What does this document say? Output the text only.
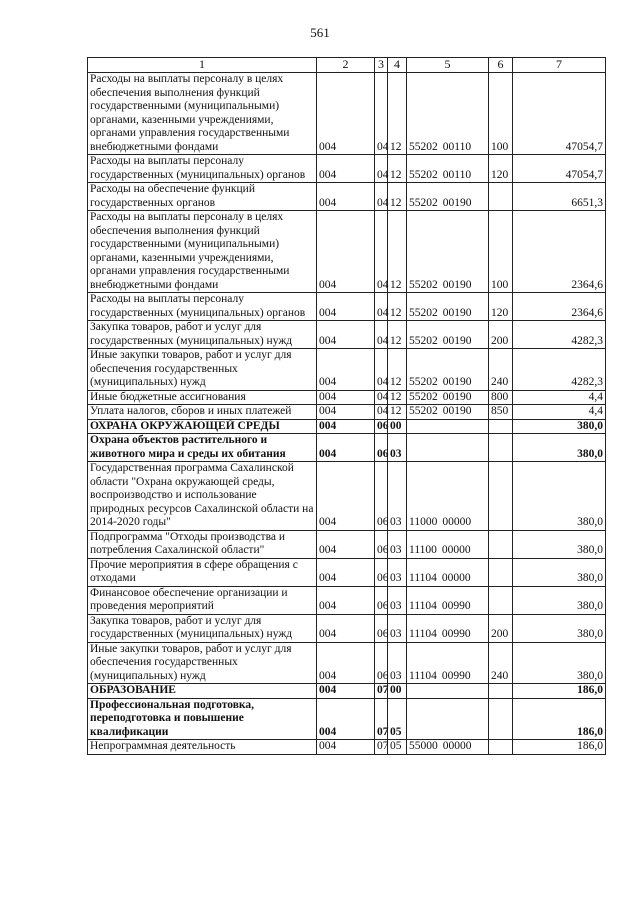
561
1	2	3	4	5	6	7
Расходы на выплаты персоналу в целях обеспечения выполнения функций государственными (муниципальными) органами, казенными учреждениями, органами управления государственными внебюджетными фондами	004	04	12	55202 00110	100	47054,7
Расходы на выплаты персоналу государственных (муниципальных) органов	004	04	12	55202 00110	120	47054,7
Расходы на обеспечение функций государственных органов	004	04	12	55202 00190		6651,3
Расходы на выплаты персоналу в целях обеспечения выполнения функций государственными (муниципальными) органами, казенными учреждениями, органами управления государственными внебюджетными фондами	004	04	12	55202 00190	100	2364,6
Расходы на выплаты персоналу государственных (муниципальных) органов	004	04	12	55202 00190	120	2364,6
Закупка товаров, работ и услуг для государственных (муниципальных) нужд	004	04	12	55202 00190	200	4282,3
Иные закупки товаров, работ и услуг для обеспечения государственных (муниципальных) нужд	004	04	12	55202 00190	240	4282,3
Иные бюджетные ассигнования	004	04	12	55202 00190	800	4,4
Уплата налогов, сборов и иных платежей	004	04	12	55202 00190	850	4,4
ОХРАНА ОКРУЖАЮЩЕЙ СРЕДЫ	004	06	00			380,0
Охрана объектов растительного и животного мира и среды их обитания	004	06	03			380,0
Государственная программа Сахалинской области "Охрана окружающей среды, воспроизводство и использование природных ресурсов Сахалинской области на 2014-2020 годы"	004	06	03	11000 00000		380,0
Подпрограмма "Отходы производства и потребления Сахалинской области"	004	06	03	11100 00000		380,0
Прочие мероприятия в сфере обращения с отходами	004	06	03	11104 00000		380,0
Финансовое обеспечение организации и проведения мероприятий	004	06	03	11104 00990		380,0
Закупка товаров, работ и услуг для государственных (муниципальных) нужд	004	06	03	11104 00990	200	380,0
Иные закупки товаров, работ и услуг для обеспечения государственных (муниципальных) нужд	004	06	03	11104 00990	240	380,0
ОБРАЗОВАНИЕ	004	07	00			186,0
Профессиональная подготовка, переподготовка и повышение квалификации	004	07	05			186,0
Непрограммная деятельность	004	07	05	55000 00000		186,0
